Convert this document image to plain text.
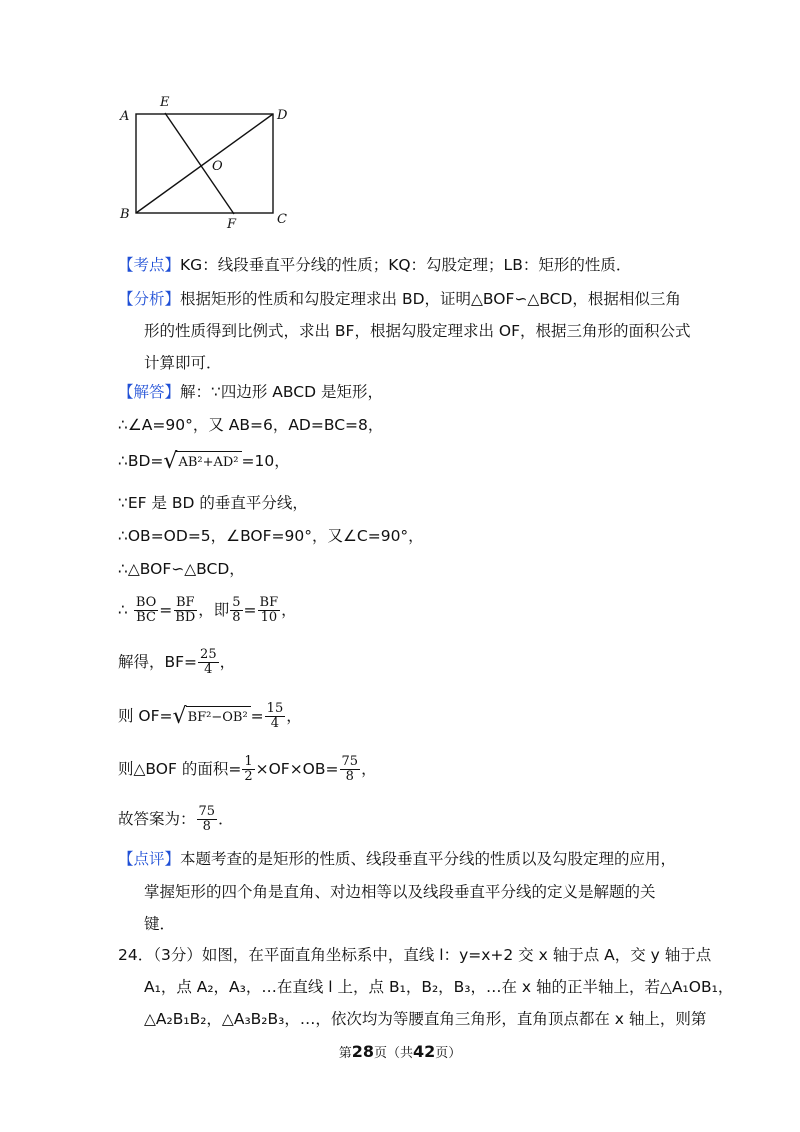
A
E
D
O
B
F	C
【考点】KG：线段垂直平分线的性质；KQ：勾股定理；LB：矩形的性质．
【分析】根据矩形的性质和勾股定理求出 BD，证明△BOF∽△BCD，根据相似三角
形的性质得到比例式，求出 BF，根据勾股定理求出 OF，根据三角形的面积公式
计算即可．
【解答】解：∵四边形 ABCD 是矩形，
∴∠A=90°，又 AB=6，AD=BC=8，
∴BD= √ AB²+AD² =10，
∵EF 是 BD 的垂直平分线，
∴OB=OD=5，∠BOF=90°，又∠C=90°，
∴△BOF∽△BCD，
∴ $\frac{BO}{BC} = \frac{BF}{BD}$ ，即 $\frac{5}{8} = \frac{BF}{10}$ ，
解得，$BF= \frac{25}{4}$ ，
则 OF= √ $BF^2-OB^2 = \frac{15}{4}$ ，
则△BOF 的面积= $\frac{1}{2} \times OF\times OB= \frac{75}{8}$ ，
故答案为： $\frac{75}{8}$ ．
【点评】本题考查的是矩形的性质、线段垂直平分线的性质以及勾股定理的应用，
掌握矩形的四个角是直角、对边相等以及线段垂直平分线的定义是解题的关
键．
24．（3分）如图，在平面直角坐标系中，直线 l：y=x+2 交 x 轴于点 A，交 y 轴于点
A₁，点 A₂，A₃，…在直线 l 上，点 B₁，B₂，B₃，…在 x 轴的正半轴上，若△A₁OB₁，
△A₂B₁B₂，△A₃B₂B₃，…，依次均为等腰直角三角形，直角顶点都在 x 轴上，则第
第28页（共42页）
